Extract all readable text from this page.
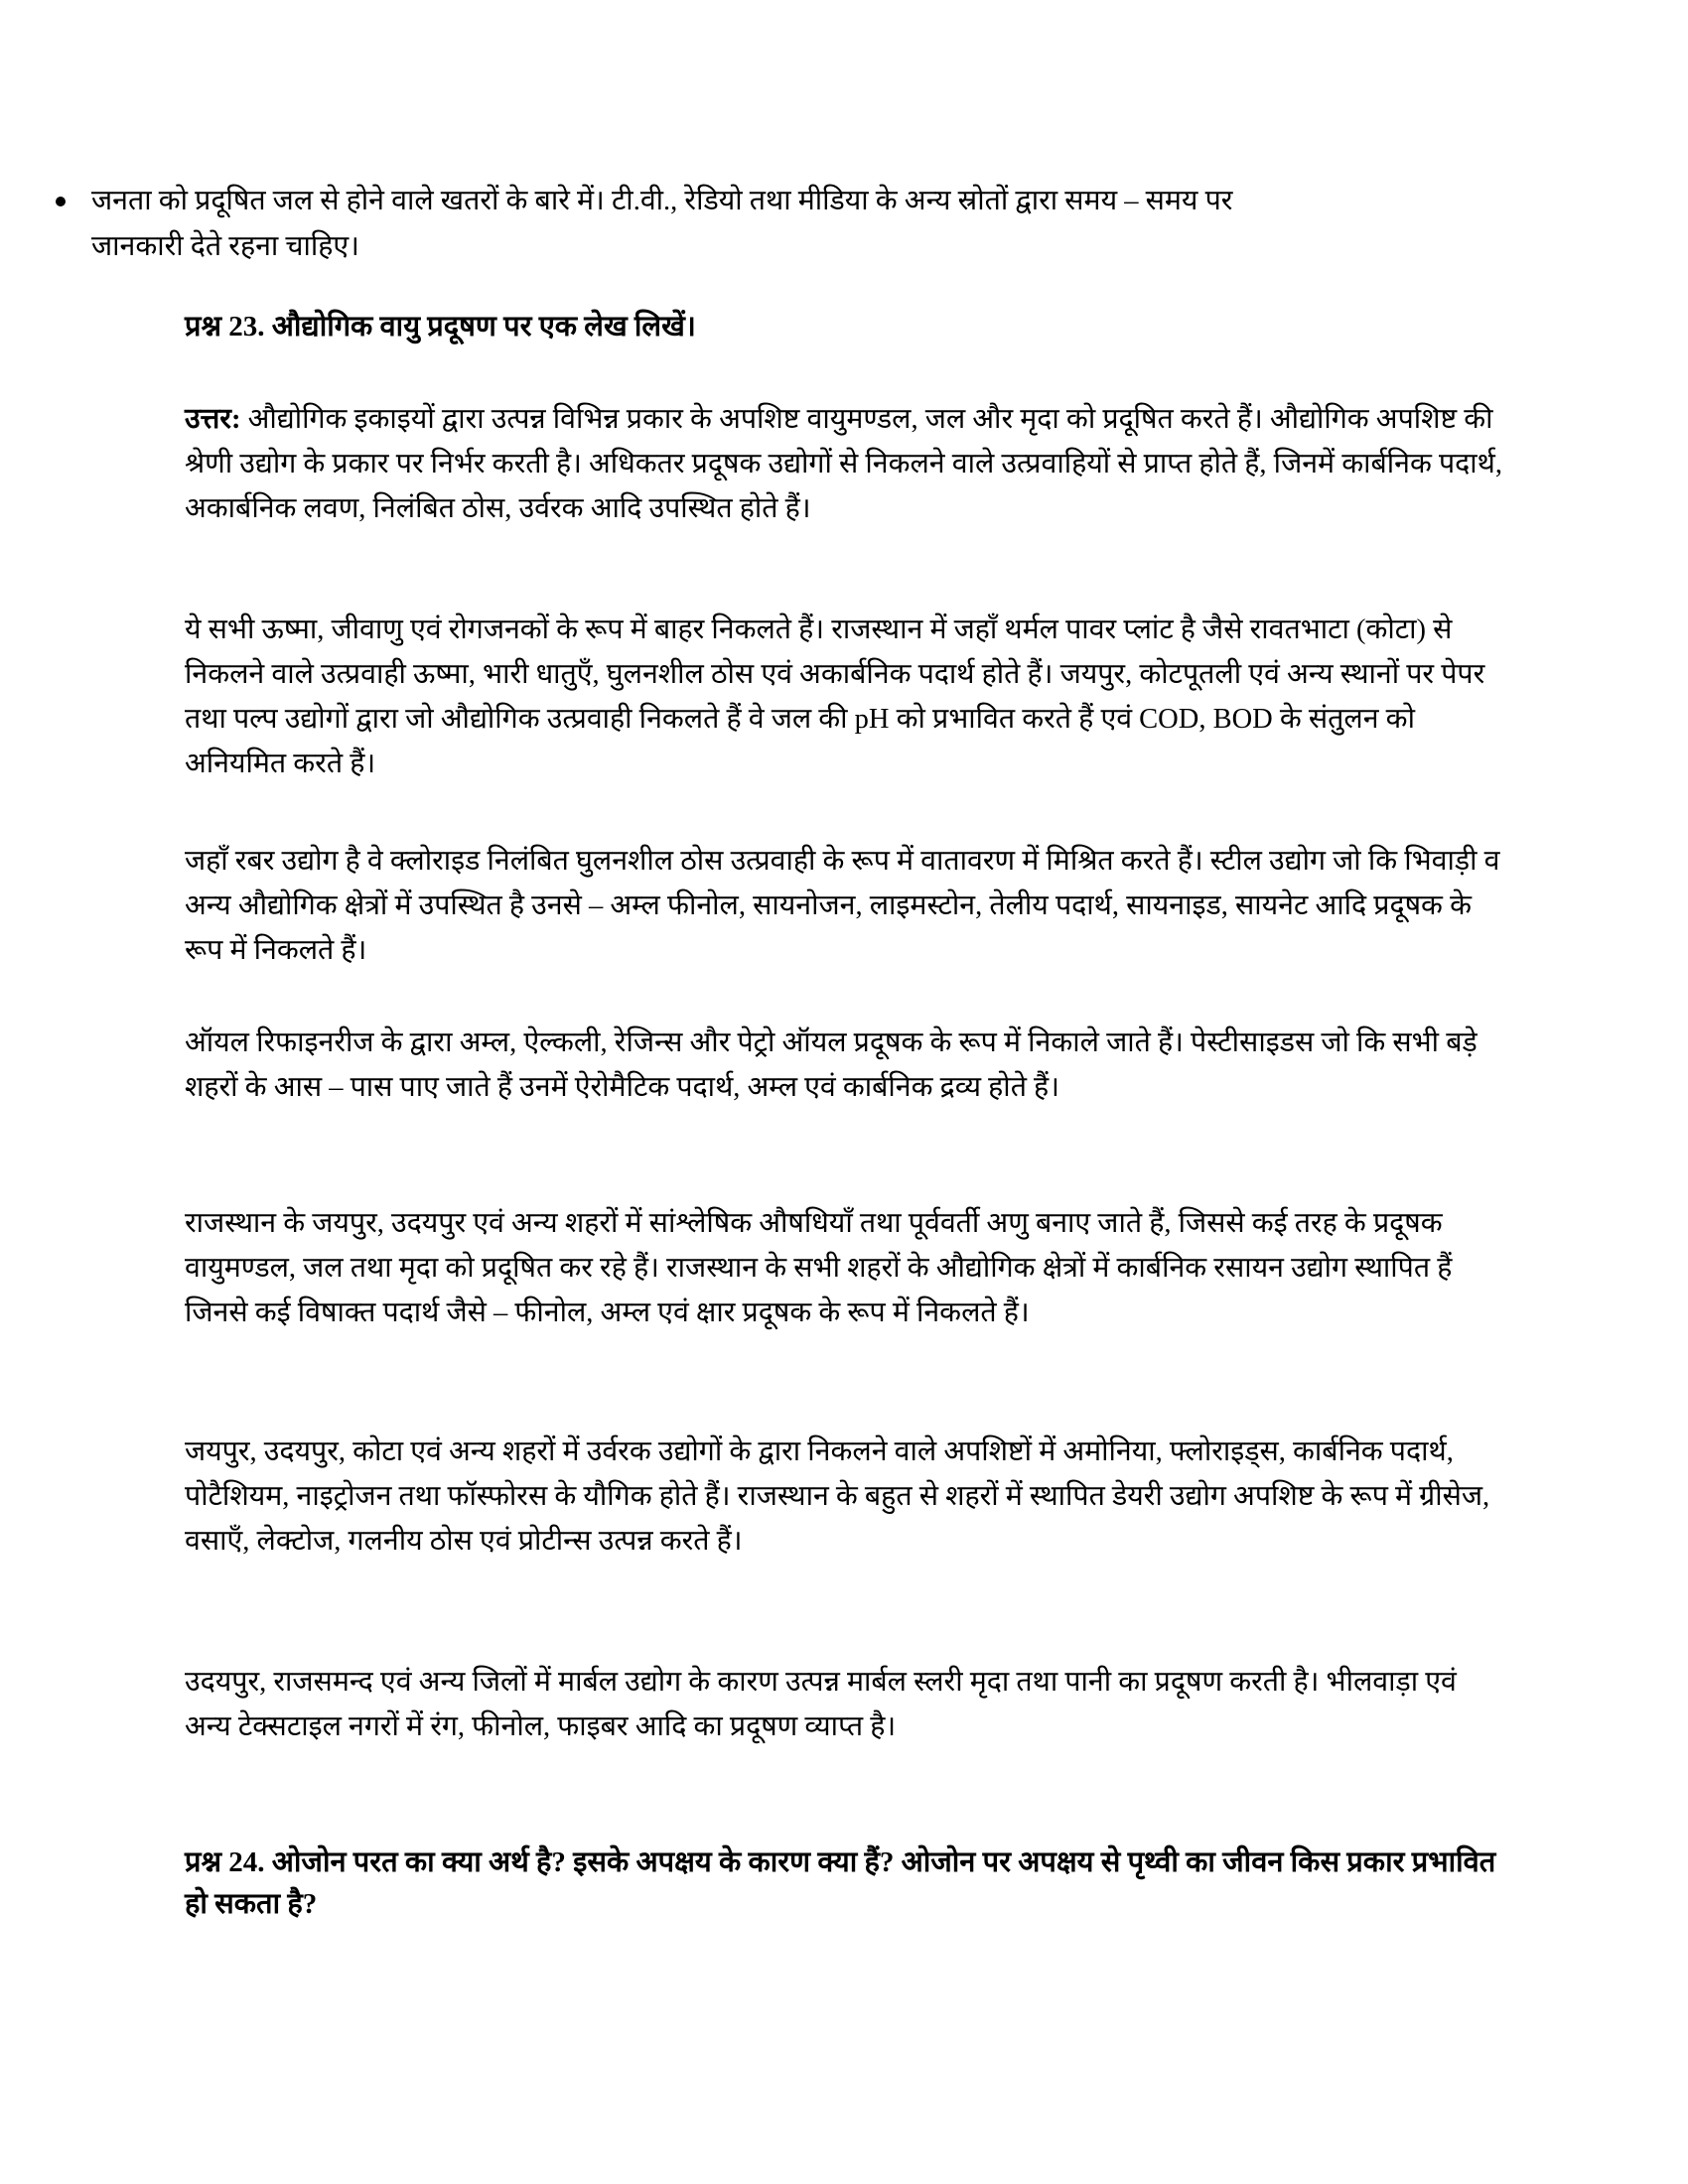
जनता को प्रदूषित जल से होने वाले खतरों के बारे में। टी.वी., रेडियो तथा मीडिया के अन्य स्रोतों द्वारा समय – समय पर जानकारी देते रहना चाहिए।
प्रश्न 23. औद्योगिक वायु प्रदूषण पर एक लेख लिखें।

उत्तर: औद्योगिक इकाइयों द्वारा उत्पन्न विभिन्न प्रकार के अपशिष्ट वायुमण्डल, जल और मृदा को प्रदूषित करते हैं। औद्योगिक अपशिष्ट की श्रेणी उद्योग के प्रकार पर निर्भर करती है। अधिकतर प्रदूषक उद्योगों से निकलने वाले उत्प्रवाहियों से प्राप्त होते हैं, जिनमें कार्बनिक पदार्थ, अकार्बनिक लवण, निलंबित ठोस, उर्वरक आदि उपस्थित होते हैं।

ये सभी ऊष्मा, जीवाणु एवं रोगजनकों के रूप में बाहर निकलते हैं। राजस्थान में जहाँ थर्मल पावर प्लांट है जैसे रावतभाटा (कोटा) से निकलने वाले उत्प्रवाही ऊष्मा, भारी धातुएँ, घुलनशील ठोस एवं अकार्बनिक पदार्थ होते हैं। जयपुर, कोटपूतली एवं अन्य स्थानों पर पेपर तथा पल्प उद्योगों द्वारा जो औद्योगिक उत्प्रवाही निकलते हैं वे जल की pH को प्रभावित करते हैं एवं COD, BOD के संतुलन को अनियमित करते हैं।

जहाँ रबर उद्योग है वे क्लोराइड निलंबित घुलनशील ठोस उत्प्रवाही के रूप में वातावरण में मिश्रित करते हैं। स्टील उद्योग जो कि भिवाड़ी व अन्य औद्योगिक क्षेत्रों में उपस्थित है उनसे – अम्ल फीनोल, सायनोजन, लाइमस्टोन, तेलीय पदार्थ, सायनाइड, सायनेट आदि प्रदूषक के रूप में निकलते हैं।

ऑयल रिफाइनरीज के द्वारा अम्ल, ऐल्कली, रेजिन्स और पेट्रो ऑयल प्रदूषक के रूप में निकाले जाते हैं। पेस्टीसाइडस जो कि सभी बड़े शहरों के आस – पास पाए जाते हैं उनमें ऐरोमैटिक पदार्थ, अम्ल एवं कार्बनिक द्रव्य होते हैं।

राजस्थान के जयपुर, उदयपुर एवं अन्य शहरों में सांश्लेषिक औषधियाँ तथा पूर्ववर्ती अणु बनाए जाते हैं, जिससे कई तरह के प्रदूषक वायुमण्डल, जल तथा मृदा को प्रदूषित कर रहे हैं। राजस्थान के सभी शहरों के औद्योगिक क्षेत्रों में कार्बनिक रसायन उद्योग स्थापित हैं जिनसे कई विषाक्त पदार्थ जैसे – फीनोल, अम्ल एवं क्षार प्रदूषक के रूप में निकलते हैं।

जयपुर, उदयपुर, कोटा एवं अन्य शहरों में उर्वरक उद्योगों के द्वारा निकलने वाले अपशिष्टों में अमोनिया, फ्लोराइड्स, कार्बनिक पदार्थ, पोटैशियम, नाइट्रोजन तथा फॉस्फोरस के यौगिक होते हैं। राजस्थान के बहुत से शहरों में स्थापित डेयरी उद्योग अपशिष्ट के रूप में ग्रीसेज, वसाएँ, लेक्टोज, गलनीय ठोस एवं प्रोटीन्स उत्पन्न करते हैं।

उदयपुर, राजसमन्द एवं अन्य जिलों में मार्बल उद्योग के कारण उत्पन्न मार्बल स्लरी मृदा तथा पानी का प्रदूषण करती है। भीलवाड़ा एवं अन्य टेक्सटाइल नगरों में रंग, फीनोल, फाइबर आदि का प्रदूषण व्याप्त है।

प्रश्न 24. ओजोन परत का क्या अर्थ है? इसके अपक्षय के कारण क्या हैं? ओजोन पर अपक्षय से पृथ्वी का जीवन किस प्रकार प्रभावित हो सकता है?
